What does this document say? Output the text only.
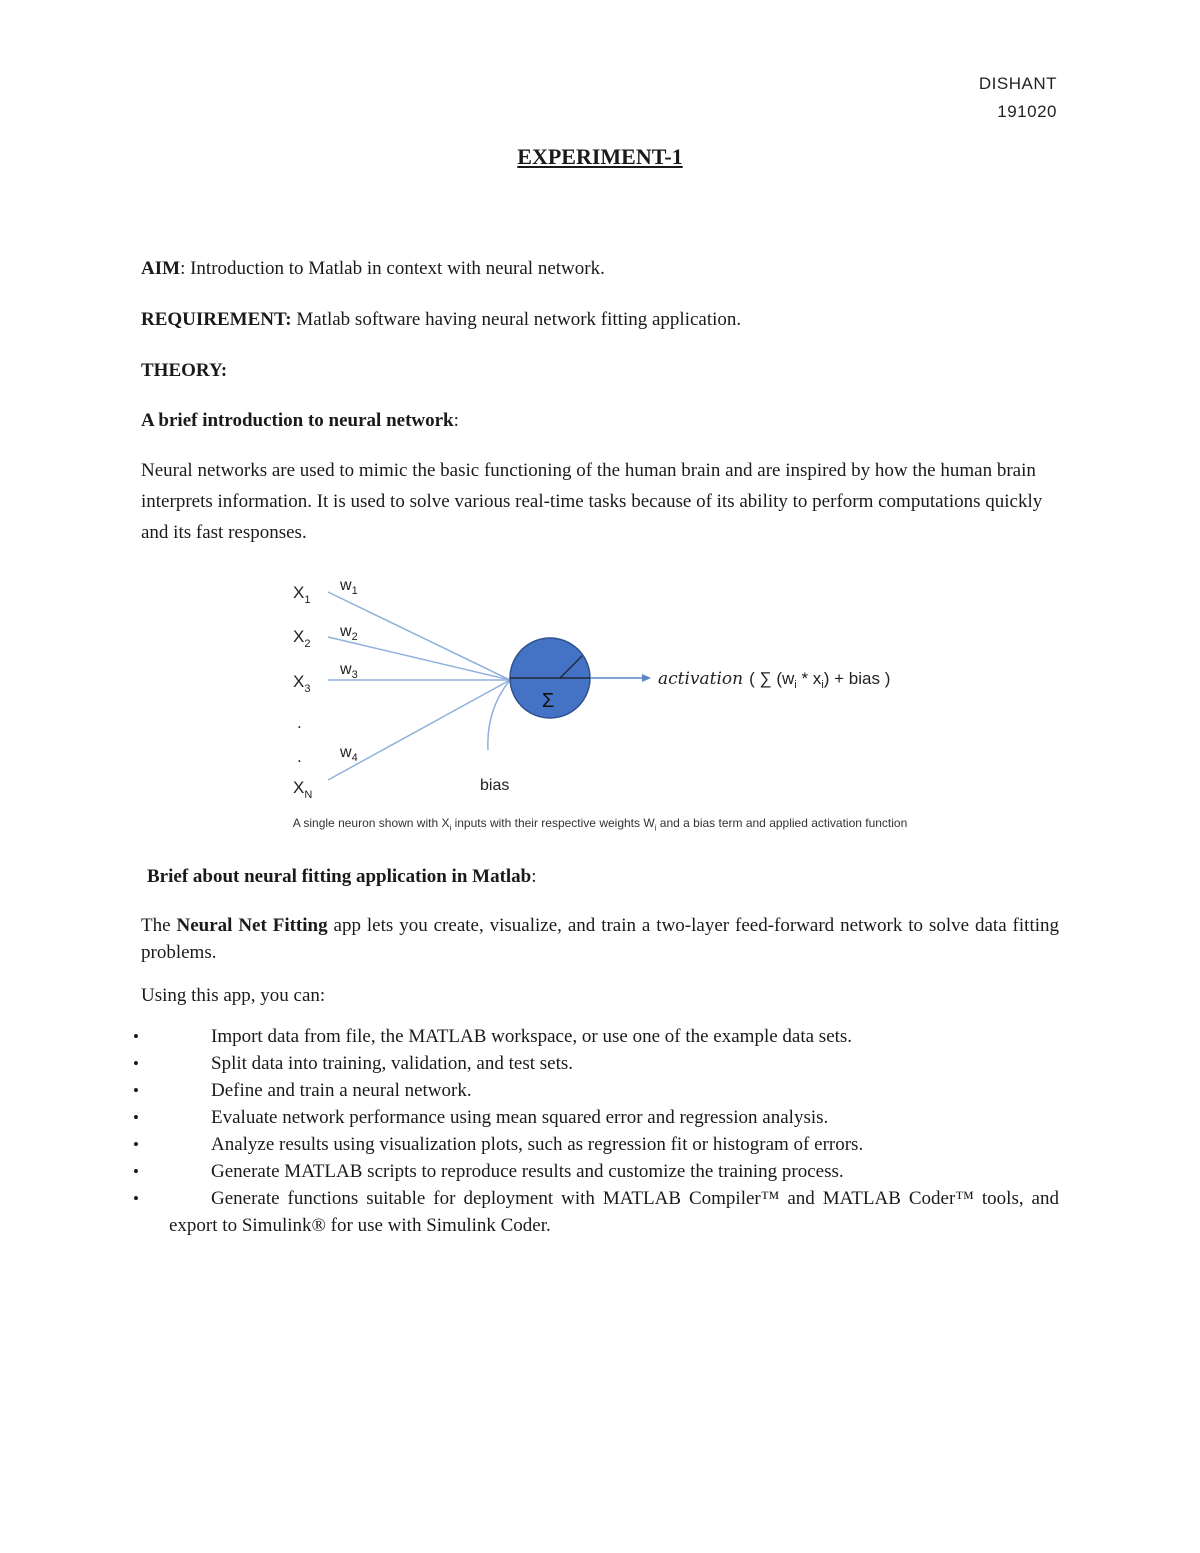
DISHANT
191020
EXPERIMENT-1
AIM: Introduction to Matlab in context with neural network.
REQUIREMENT: Matlab software having neural network fitting application.
THEORY:
A brief introduction to neural network:
Neural networks are used to mimic the basic functioning of the human brain and are inspired by how the human brain interprets information. It is used to solve various real-time tasks because of its ability to perform computations quickly and its fast responses.
Σ
activation ( ∑ $(w_i * x_i)$ + bias )
$X_1$
$X_2$
$X_3$
.
.
$X_N$
$w_1$
$w_2$
$w_3$
$w_4$
bias
A single neuron shown with $X_i$ inputs with their respective weights $W_i$ and a bias term and applied activation function
Brief about neural fitting application in Matlab:
The Neural Net Fitting app lets you create, visualize, and train a two-layer feed-forward network to solve data fitting problems.
Using this app, you can:
•	Import data from file, the MATLAB workspace, or use one of the example data sets.
•	Split data into training, validation, and test sets.
•	Define and train a neural network.
•	Evaluate network performance using mean squared error and regression analysis.
•	Analyze results using visualization plots, such as regression fit or histogram of errors.
•	Generate MATLAB scripts to reproduce results and customize the training process.
•	Generate functions suitable for deployment with MATLAB Compiler™ and MATLAB Coder™ tools, and export to Simulink® for use with Simulink Coder.
